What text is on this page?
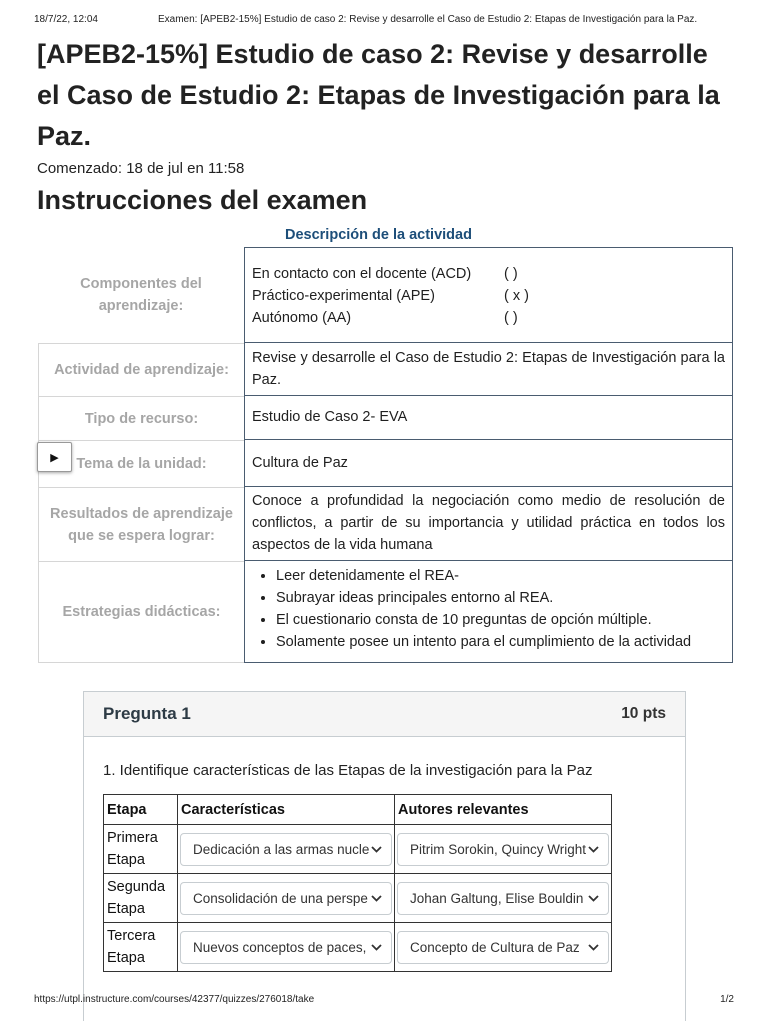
18/7/22, 12:04	Examen: [APEB2-15%] Estudio de caso 2: Revise y desarrolle el Caso de Estudio 2: Etapas de Investigación para la Paz.
[APEB2-15%] Estudio de caso 2: Revise y desarrolle el Caso de Estudio 2: Etapas de Investigación para la Paz.
Comenzado: 18 de jul en 11:58
Instrucciones del examen
Descripción de la actividad
Componentes del aprendizaje:
En contacto con el docente (ACD)	( )
Práctico-experimental (APE)	( x )
Autónomo (AA)	( )
Actividad de aprendizaje:
Revise y desarrolle el Caso de Estudio 2: Etapas de Investigación para la Paz.
Tipo de recurso:	Estudio de Caso 2- EVA
Tema de la unidad:	Cultura de Paz
Resultados de aprendizaje que se espera lograr:
Conoce a profundidad la negociación como medio de resolución de conflictos, a partir de su importancia y utilidad práctica en todos los aspectos de la vida humana
Estrategias didácticas:
• Leer detenidamente el REA-
• Subrayar ideas principales entorno al REA.
• El cuestionario consta de 10 preguntas de opción múltiple.
• Solamente posee un intento para el cumplimiento de la actividad
▶
Pregunta 1	10 pts
1. Identifique características de las Etapas de la investigación para la Paz
Etapa	Características	Autores relevantes
Primera Etapa	Dedicación a las armas nucle	Pitrim Sorokin, Quincy Wright

Segunda Etapa	Consolidación de una perspe	Johan Galtung, Elise Bouldin

Tercera Etapa	Nuevos conceptos de paces,	Concepto de Cultura de Paz
https://utpl.instructure.com/courses/42377/quizzes/276018/take	1/2
